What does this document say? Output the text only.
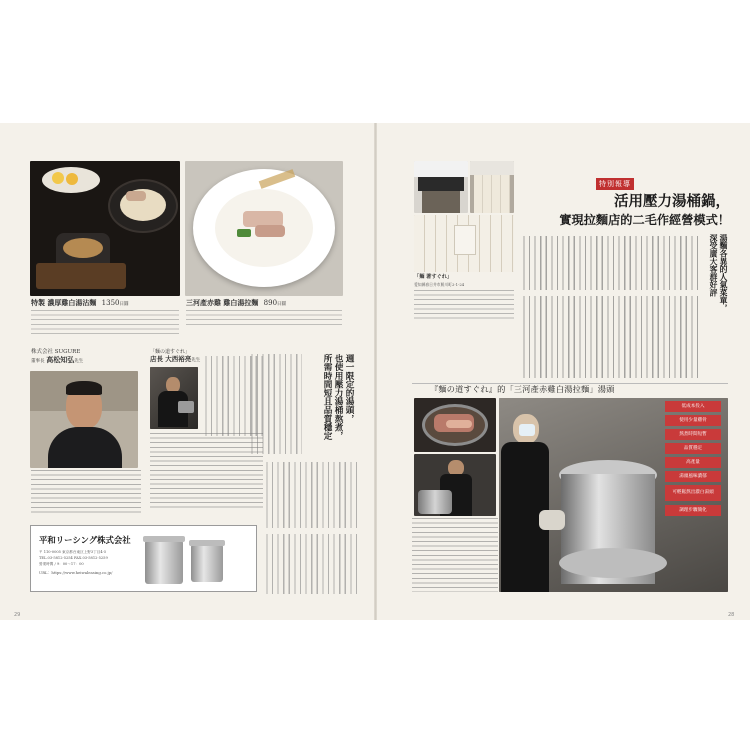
特製 濃厚雞白湯沾麵 1350日圓
　　　　　　　　　　　　　　　　　　　　　　　　　　　　　　　　　　　　　　　　　　　　　　　　　　　　　　　　　　　　　　　　　　　　　　　　	三河產赤雞 雞白湯拉麵 890日圓
株式会社 SUGURE
董事長 高松知弘先生
「麵の道すぐれ」
店長 大西裕亮先生	週一限定的湯頭，
也使用壓力湯桶熬煮，
所需時間短且品質穩定
平和リーシング株式会社
〒 110-0005 東京都台東区上野3丁目4-5
TEL.03-5812-5254 FAX.03-5812-5259
營業時間 / 9：00～17：00
URL：https://www.heiwaleasing.co.jp/
29
「麺 著すぐれ」
愛知縣春日井市勝川町2-1-24
特別報導
活用壓力湯桶鍋，
實現拉麵店的二毛作經營模式！
湯麵各異的人氣菜單，
深受廣大客群好評
『麵の道すぐれ』的「三河產赤雞白湯拉麵」湯頭
低成本投入
使用少量雞骨
熬煮時間短暫
品質穩定
高產量
湯頭風味濃郁
可輕鬆熬出濃白湯頭
調理步驟簡化
28
